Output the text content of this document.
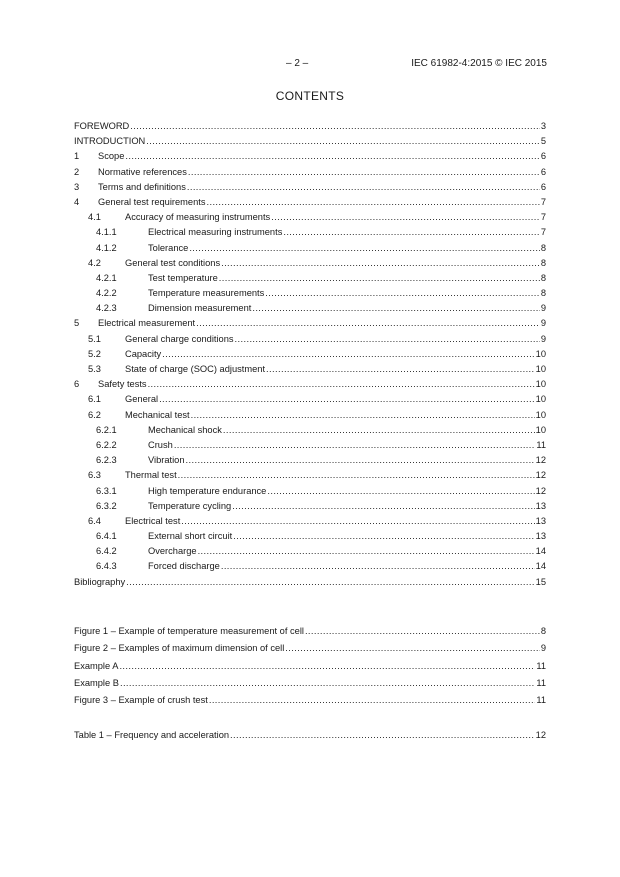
– 2 –	IEC 61982-4:2015 © IEC 2015
CONTENTS
FOREWORD .....	3
INTRODUCTION .....	5
1	Scope .....	6
2	Normative references .....	6
3	Terms and definitions .....	6
4	General test requirements .....	7
4.1	Accuracy of measuring instruments .....	7
4.1.1	Electrical measuring instruments .....	7
4.1.2	Tolerance .....	8
4.2	General test conditions .....	8
4.2.1	Test temperature .....	8
4.2.2	Temperature measurements .....	8
4.2.3	Dimension measurement .....	9
5	Electrical measurement .....	9
5.1	General charge conditions .....	9
5.2	Capacity .....	10
5.3	State of charge (SOC) adjustment .....	10
6	Safety tests .....	10
6.1	General .....	10
6.2	Mechanical test .....	10
6.2.1	Mechanical shock .....	10
6.2.2	Crush .....	11
6.2.3	Vibration .....	12
6.3	Thermal test .....	12
6.3.1	High temperature endurance .....	12
6.3.2	Temperature cycling .....	13
6.4	Electrical test .....	13
6.4.1	External short circuit .....	13
6.4.2	Overcharge .....	14
6.4.3	Forced discharge .....	14
Bibliography .....	15
Figure 1 – Example of temperature measurement of cell .....	8
Figure 2 – Examples of maximum dimension of cell .....	9
Example A .....	11
Example B .....	11
Figure 3 – Example of crush test .....	11
Table 1 – Frequency and acceleration .....	12
